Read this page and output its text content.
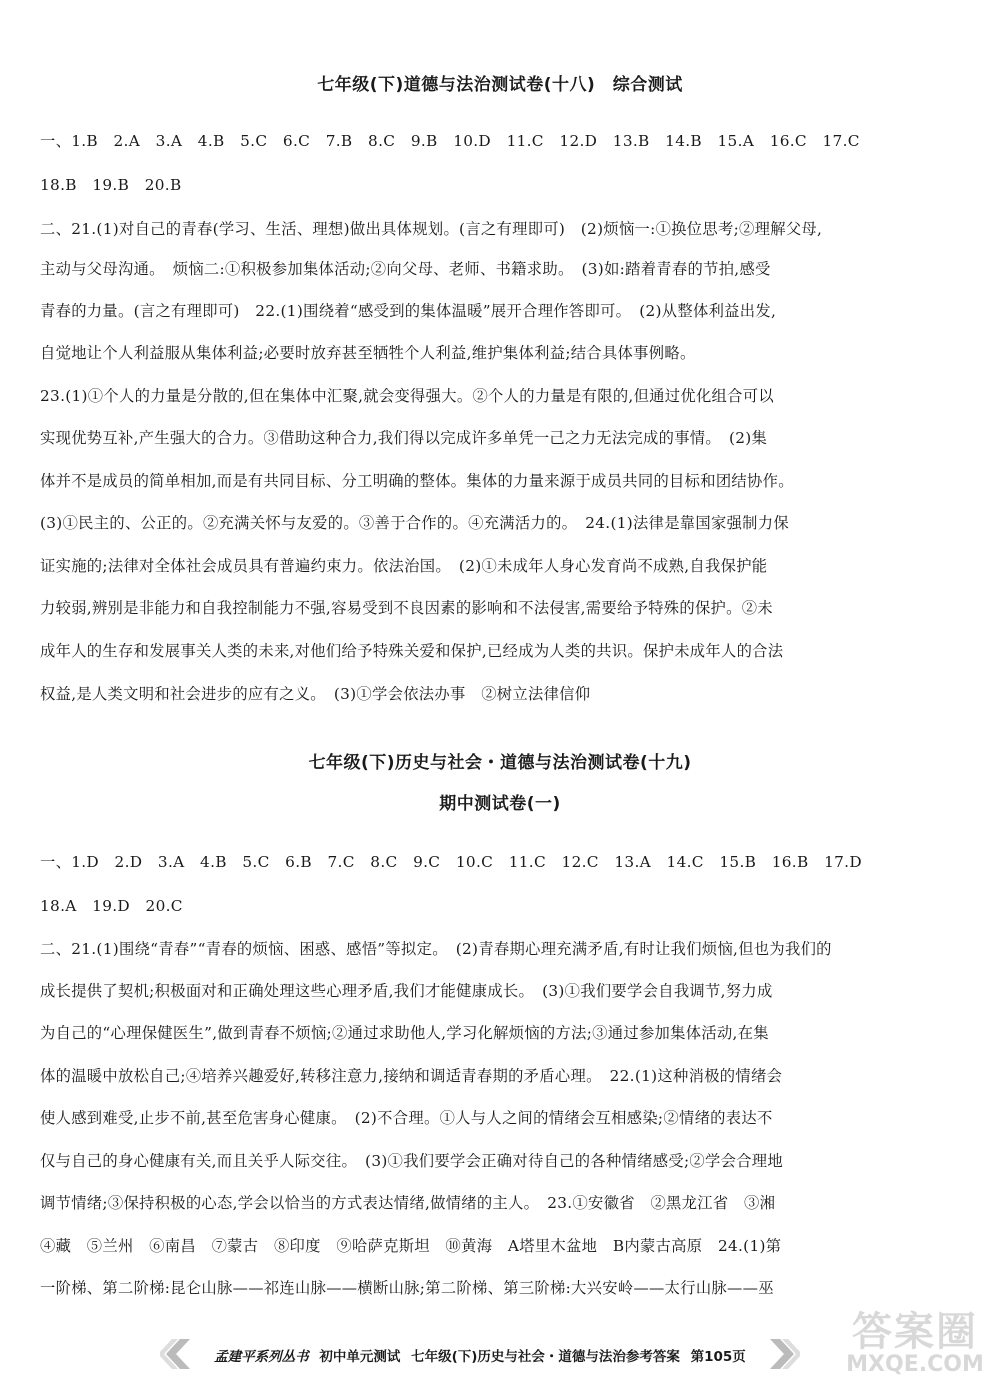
七年级(下)道德与法治测试卷(十八)　综合测试
一、1.B　2.A　3.A　4.B　5.C　6.C　7.B　8.C　9.B　10.D　11.C　12.D　13.B　14.B　15.A　16.C　17.C
18.B　19.B　20.B
二、21.(1)对自己的青春(学习、生活、理想)做出具体规划。(言之有理即可)　(2)烦恼一:①换位思考;②理解父母,
主动与父母沟通。　烦恼二:①积极参加集体活动;②向父母、老师、书籍求助。　(3)如:踏着青春的节拍,感受
青春的力量。(言之有理即可)　22.(1)围绕着“感受到的集体温暖”展开合理作答即可。　(2)从整体利益出发,
自觉地让个人利益服从集体利益;必要时放弃甚至牺牲个人利益,维护集体利益;结合具体事例略。
23.(1)①个人的力量是分散的,但在集体中汇聚,就会变得强大。②个人的力量是有限的,但通过优化组合可以
实现优势互补,产生强大的合力。③借助这种合力,我们得以完成许多单凭一己之力无法完成的事情。　(2)集
体并不是成员的简单相加,而是有共同目标、分工明确的整体。集体的力量来源于成员共同的目标和团结协作。
(3)①民主的、公正的。②充满关怀与友爱的。③善于合作的。④充满活力的。　24.(1)法律是靠国家强制力保
证实施的;法律对全体社会成员具有普遍约束力。依法治国。　(2)①未成年人身心发育尚不成熟,自我保护能
力较弱,辨别是非能力和自我控制能力不强,容易受到不良因素的影响和不法侵害,需要给予特殊的保护。②未
成年人的生存和发展事关人类的未来,对他们给予特殊关爱和保护,已经成为人类的共识。保护未成年人的合法
权益,是人类文明和社会进步的应有之义。　(3)①学会依法办事　②树立法律信仰
七年级(下)历史与社会・道德与法治测试卷(十九)
期中测试卷(一)
一、1.D　2.D　3.A　4.B　5.C　6.B　7.C　8.C　9.C　10.C　11.C　12.C　13.A　14.C　15.B　16.B　17.D
18.A　19.D　20.C
二、21.(1)围绕“青春”“青春的烦恼、困惑、感悟”等拟定。　(2)青春期心理充满矛盾,有时让我们烦恼,但也为我们的
成长提供了契机;积极面对和正确处理这些心理矛盾,我们才能健康成长。　(3)①我们要学会自我调节,努力成
为自己的“心理保健医生”,做到青春不烦恼;②通过求助他人,学习化解烦恼的方法;③通过参加集体活动,在集
体的温暖中放松自己;④培养兴趣爱好,转移注意力,接纳和调适青春期的矛盾心理。　22.(1)这种消极的情绪会
使人感到难受,止步不前,甚至危害身心健康。　(2)不合理。①人与人之间的情绪会互相感染;②情绪的表达不
仅与自己的身心健康有关,而且关乎人际交往。　(3)①我们要学会正确对待自己的各种情绪感受;②学会合理地
调节情绪;③保持积极的心态,学会以恰当的方式表达情绪,做情绪的主人。　23.①安徽省　②黑龙江省　③湘
④藏　⑤兰州　⑥南昌　⑦蒙古　⑧印度　⑨哈萨克斯坦　⑩黄海　A塔里木盆地　B内蒙古高原　24.(1)第
一阶梯、第二阶梯:昆仑山脉——祁连山脉——横断山脉;第二阶梯、第三阶梯:大兴安岭——太行山脉——巫
孟建平系列丛书 初中单元测试 七年级(下)历史与社会・道德与法治参考答案 第105页
答案圈
MXQE.COM
